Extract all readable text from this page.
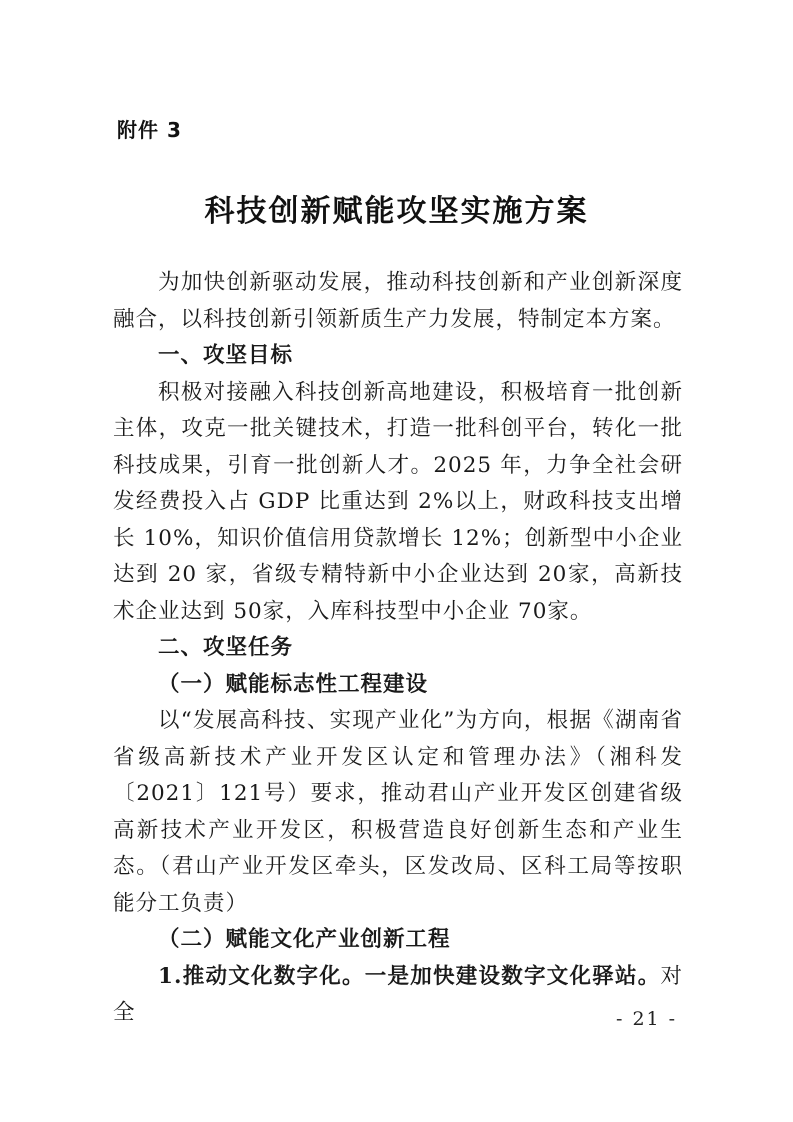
附件 3
科技创新赋能攻坚实施方案

为加快创新驱动发展，推动科技创新和产业创新深度融合，以科技创新引领新质生产力发展，特制定本方案。

一、攻坚目标

积极对接融入科技创新高地建设，积极培育一批创新主体，攻克一批关键技术，打造一批科创平台，转化一批科技成果，引育一批创新人才。2025 年，力争全社会研发经费投入占 GDP 比重达到 2%以上，财政科技支出增长 10%，知识价值信用贷款增长 12%；创新型中小企业达到 20 家，省级专精特新中小企业达到 20家，高新技术企业达到 50家，入库科技型中小企业 70家。

二、攻坚任务

（一）赋能标志性工程建设

以“发展高科技、实现产业化”为方向，根据《湖南省省级高新技术产业开发区认定和管理办法》（湘科发〔2021〕121号）要求，推动君山产业开发区创建省级高新技术产业开发区，积极营造良好创新生态和产业生态。（君山产业开发区牵头，区发改局、区科工局等按职能分工负责）

（二）赋能文化产业创新工程

1.推动文化数字化。一是加快建设数字文化驿站。对全	- 21 -
